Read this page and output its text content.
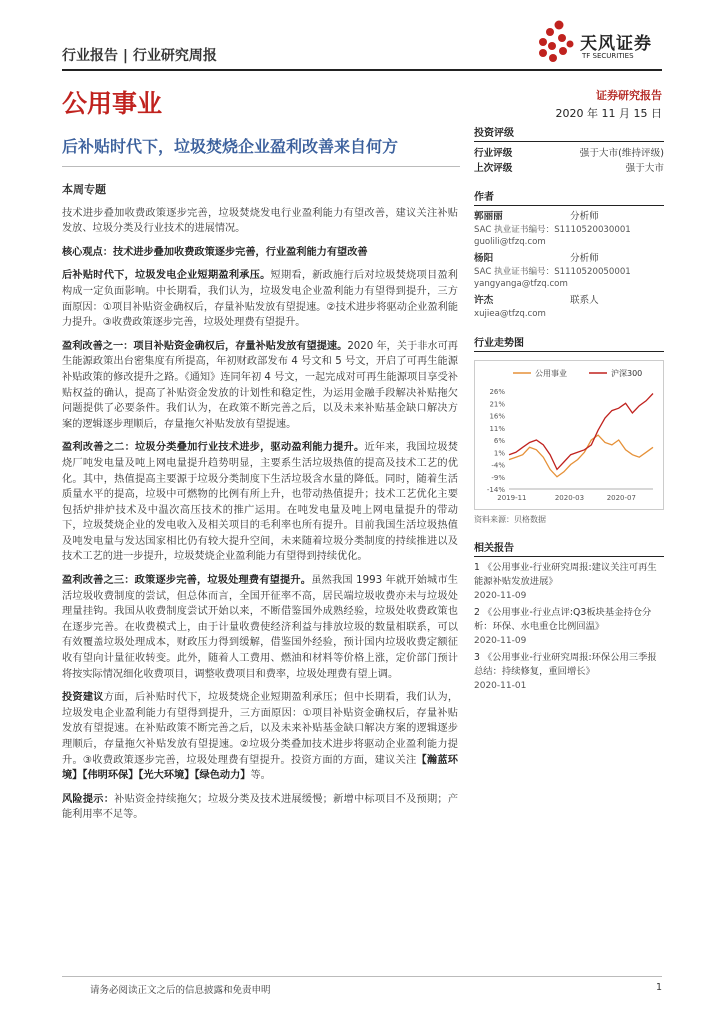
天风证券
TF SECURITIES
行业报告 | 行业研究周报
公用事业	证券研究报告
2020 年 11 月 15 日
后补贴时代下，垃圾焚烧企业盈利改善来自何方
本周专题

技术进步叠加收费政策逐步完善，垃圾焚烧发电行业盈利能力有望改善，建议关注补贴发放、垃圾分类及行业技术的进展情况。

核心观点：技术进步叠加收费政策逐步完善，行业盈利能力有望改善

后补贴时代下，垃圾发电企业短期盈利承压。短期看，新政施行后对垃圾焚烧项目盈利构成一定负面影响。中长期看，我们认为，垃圾发电企业盈利能力有望得到提升，三方面原因：①项目补贴资金确权后，存量补贴发放有望提速。②技术进步将驱动企业盈利能力提升。③收费政策逐步完善，垃圾处理费有望提升。

盈利改善之一：项目补贴资金确权后，存量补贴发放有望提速。2020 年，关于非水可再生能源政策出台密集度有所提高，年初财政部发布 4 号文和 5 号文，开启了可再生能源补贴政策的修改提升之路。《通知》连同年初 4 号文，一起完成对可再生能源项目享受补贴权益的确认，提高了补贴资金发放的计划性和稳定性，为运用金融手段解决补贴拖欠问题提供了必要条件。我们认为，在政策不断完善之后，以及未来补贴基金缺口解决方案的逻辑逐步理顺后，存量拖欠补贴发放有望提速。

盈利改善之二：垃圾分类叠加行业技术进步，驱动盈利能力提升。近年来，我国垃圾焚烧厂吨发电量及吨上网电量提升趋势明显，主要系生活垃圾热值的提高及技术工艺的优化。其中，热值提高主要源于垃圾分类制度下生活垃圾含水量的降低。同时，随着生活质量水平的提高，垃圾中可燃物的比例有所上升，也带动热值提升；技术工艺优化主要包括炉排炉技术及中温次高压技术的推广运用。在吨发电量及吨上网电量提升的带动下，垃圾焚烧企业的发电收入及相关项目的毛利率也所有提升。目前我国生活垃圾热值及吨发电量与发达国家相比仍有较大提升空间，未来随着垃圾分类制度的持续推进以及技术工艺的进一步提升，垃圾焚烧企业盈利能力有望得到持续优化。

盈利改善之三：政策逐步完善，垃圾处理费有望提升。虽然我国 1993 年就开始城市生活垃圾收费制度的尝试，但总体而言，全国开征率不高，居民端垃圾收费亦未与垃圾处理量挂钩。我国从收费制度尝试开始以来，不断借鉴国外成熟经验，垃圾处收费政策也在逐步完善。在收费模式上，由于计量收费使经济利益与排放垃圾的数量相联系，可以有效覆盖垃圾处理成本，财政压力得到缓解，借鉴国外经验，预计国内垃圾收费定额征收有望向计量征收转变。此外，随着人工费用、燃油和材料等价格上涨，定价部门预计将按实际情况细化收费项目，调整收费项目和费率，垃圾处理费有望上调。

投资建议方面，后补贴时代下，垃圾焚烧企业短期盈利承压；但中长期看，我们认为，垃圾发电企业盈利能力有望得到提升，三方面原因：①项目补贴资金确权后，存量补贴发放有望提速。在补贴政策不断完善之后，以及未来补贴基金缺口解决方案的逻辑逐步理顺后，存量拖欠补贴发放有望提速。②垃圾分类叠加技术进步将驱动企业盈利能力提升。③收费政策逐步完善，垃圾处理费有望提升。投资方面的方面，建议关注【瀚蓝环境】【伟明环保】【光大环境】【绿色动力】等。

风险提示：补贴资金持续拖欠；垃圾分类及技术进展缓慢；新增中标项目不及预期；产能利用率不足等。

投资评级
行业评级	强于大市(维持评级)
上次评级	强于大市
作者
郭丽丽	分析师
SAC 执业证书编号：S1110520030001
guolili@tfzq.com
杨阳	分析师
SAC 执业证书编号：S1110520050001
yangyanga@tfzq.com
许杰	联系人
xujiea@tfzq.com
行业走势图
公用事业	沪深300
26%
21%
16%
11%
6%
1%
-4%
-9%
-14%
2019-11	2020-03	2020-07
资料来源：贝格数据
相关报告
1 《公用事业-行业研究周报:建议关注可再生能源补贴发放进展》
2020-11-09
2 《公用事业-行业点评:Q3板块基金持仓分析：环保、水电重仓比例回温》
2020-11-09
3 《公用事业-行业研究周报:环保公用三季报总结：持续修复，重回增长》
2020-11-01
请务必阅读正文之后的信息披露和免责申明	1
